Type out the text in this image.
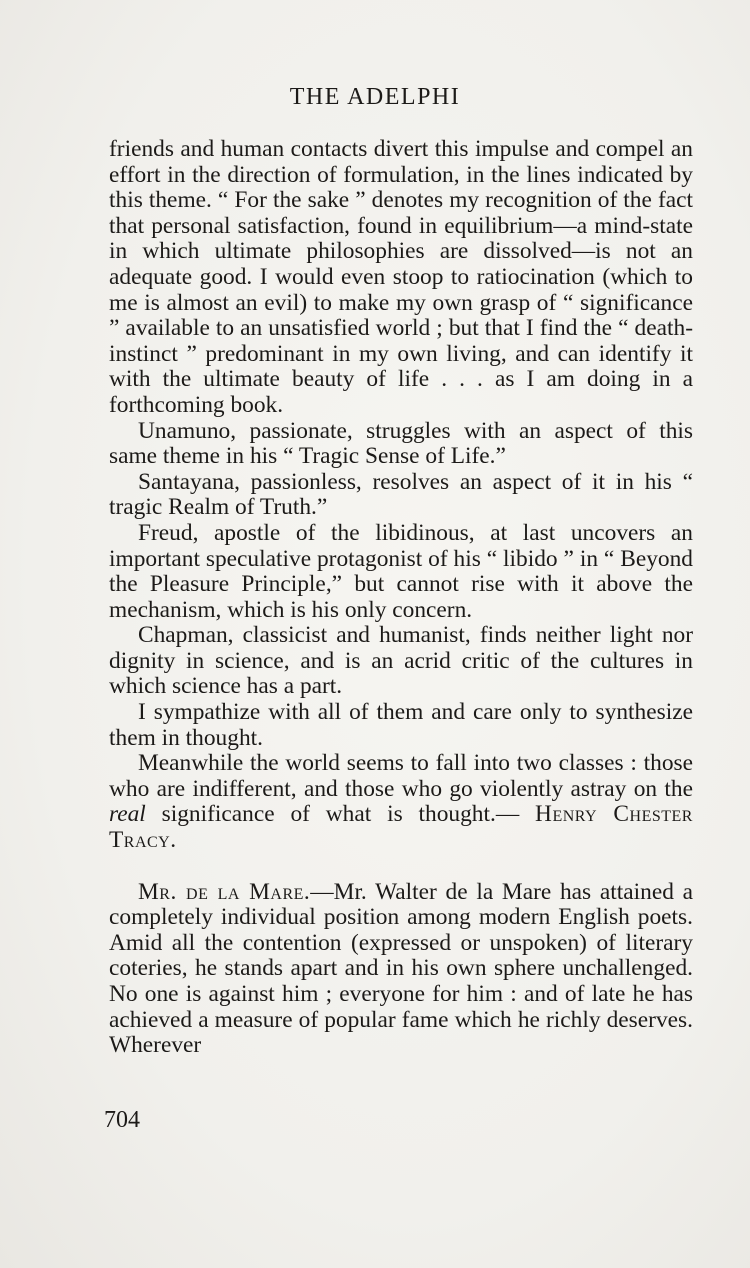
THE ADELPHI

friends and human contacts divert this impulse and compel an effort in the direction of formulation, in the lines indicated by this theme. “ For the sake ” denotes my recognition of the fact that personal satisfaction, found in equilibrium—a mind-state in which ultimate philosophies are dissolved—is not an adequate good. I would even stoop to ratiocination (which to me is almost an evil) to make my own grasp of “ significance ” available to an unsatisfied world ; but that I find the “ death-instinct ” predominant in my own living, and can identify it with the ultimate beauty of life . . . as I am doing in a forthcoming book.

Unamuno, passionate, struggles with an aspect of this same theme in his “ Tragic Sense of Life.”

Santayana, passionless, resolves an aspect of it in his “ tragic Realm of Truth.”

Freud, apostle of the libidinous, at last uncovers an important speculative protagonist of his “ libido ” in “ Beyond the Pleasure Principle,” but cannot rise with it above the mechanism, which is his only concern.

Chapman, classicist and humanist, finds neither light nor dignity in science, and is an acrid critic of the cultures in which science has a part.

I sympathize with all of them and care only to synthesize them in thought.

Meanwhile the world seems to fall into two classes : those who are indifferent, and those who go violently astray on the real significance of what is thought.— Henry Chester Tracy.

Mr. de la Mare.—Mr. Walter de la Mare has attained a completely individual position among modern English poets. Amid all the contention (expressed or unspoken) of literary coteries, he stands apart and in his own sphere unchallenged. No one is against him ; everyone for him : and of late he has achieved a measure of popular fame which he richly deserves. Wherever

704
